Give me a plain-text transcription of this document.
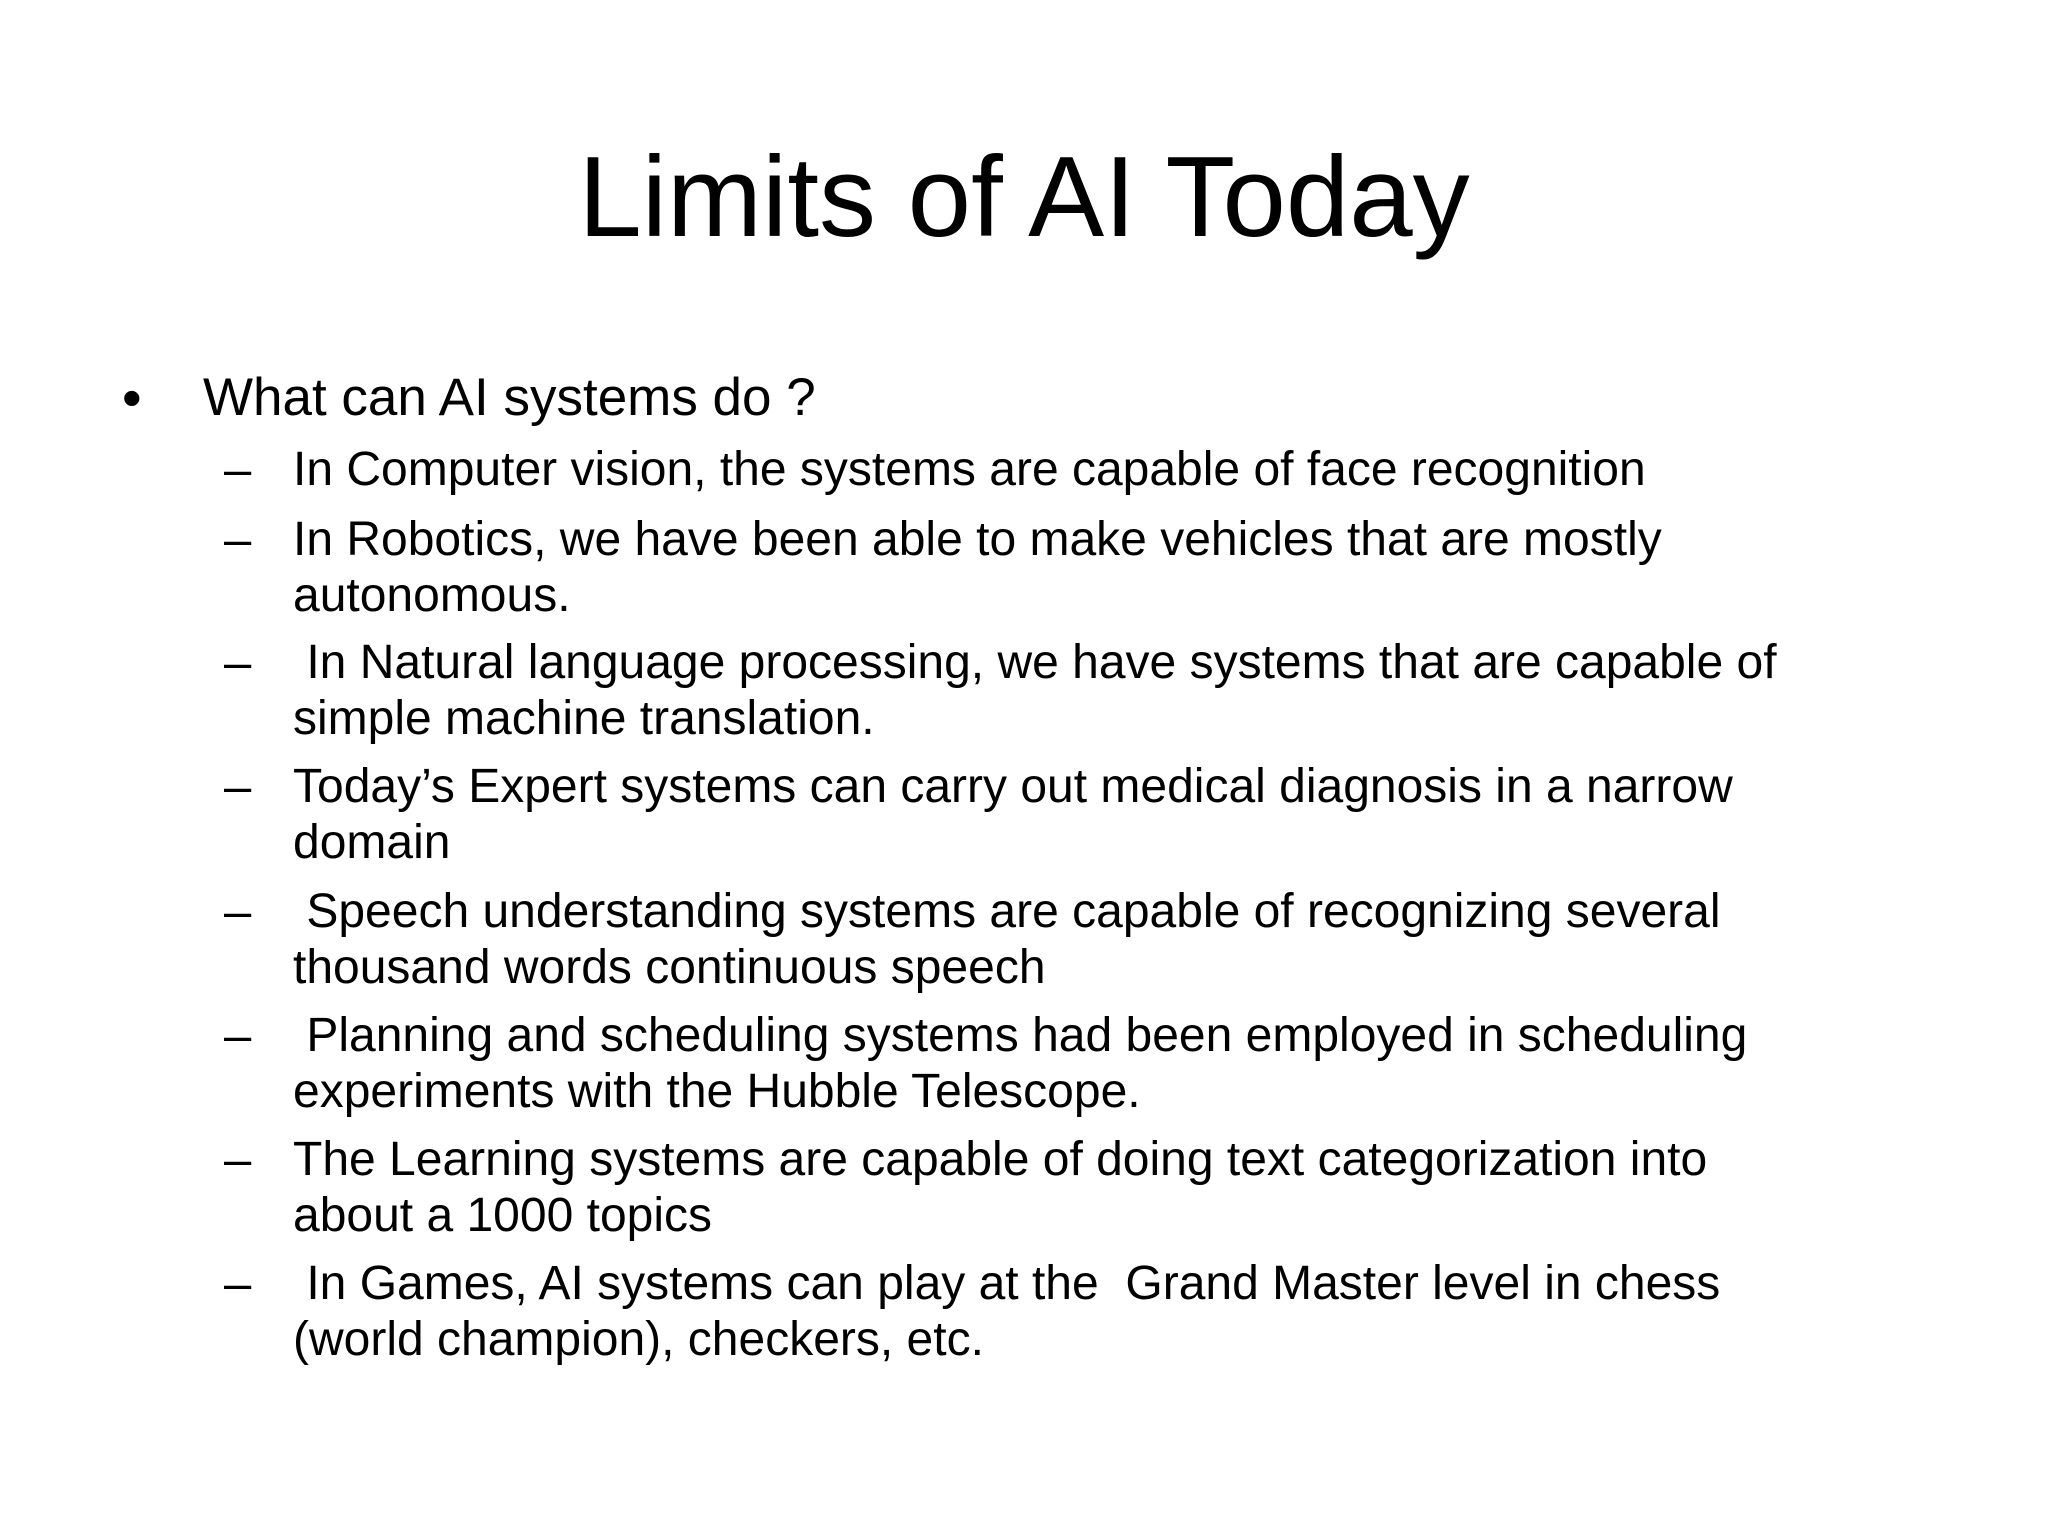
Limits of AI Today
• What can AI systems do ?
– In Computer vision, the systems are capable of face recognition
– In Robotics, we have been able to make vehicles that are mostly
autonomous.
– In Natural language processing, we have systems that are capable of
simple machine translation.
– Today’s Expert systems can carry out medical diagnosis in a narrow
domain
– Speech understanding systems are capable of recognizing several
thousand words continuous speech
– Planning and scheduling systems had been employed in scheduling
experiments with the Hubble Telescope.
– The Learning systems are capable of doing text categorization into
about a 1000 topics
– In Games, AI systems can play at the  Grand Master level in chess
(world champion), checkers, etc.
